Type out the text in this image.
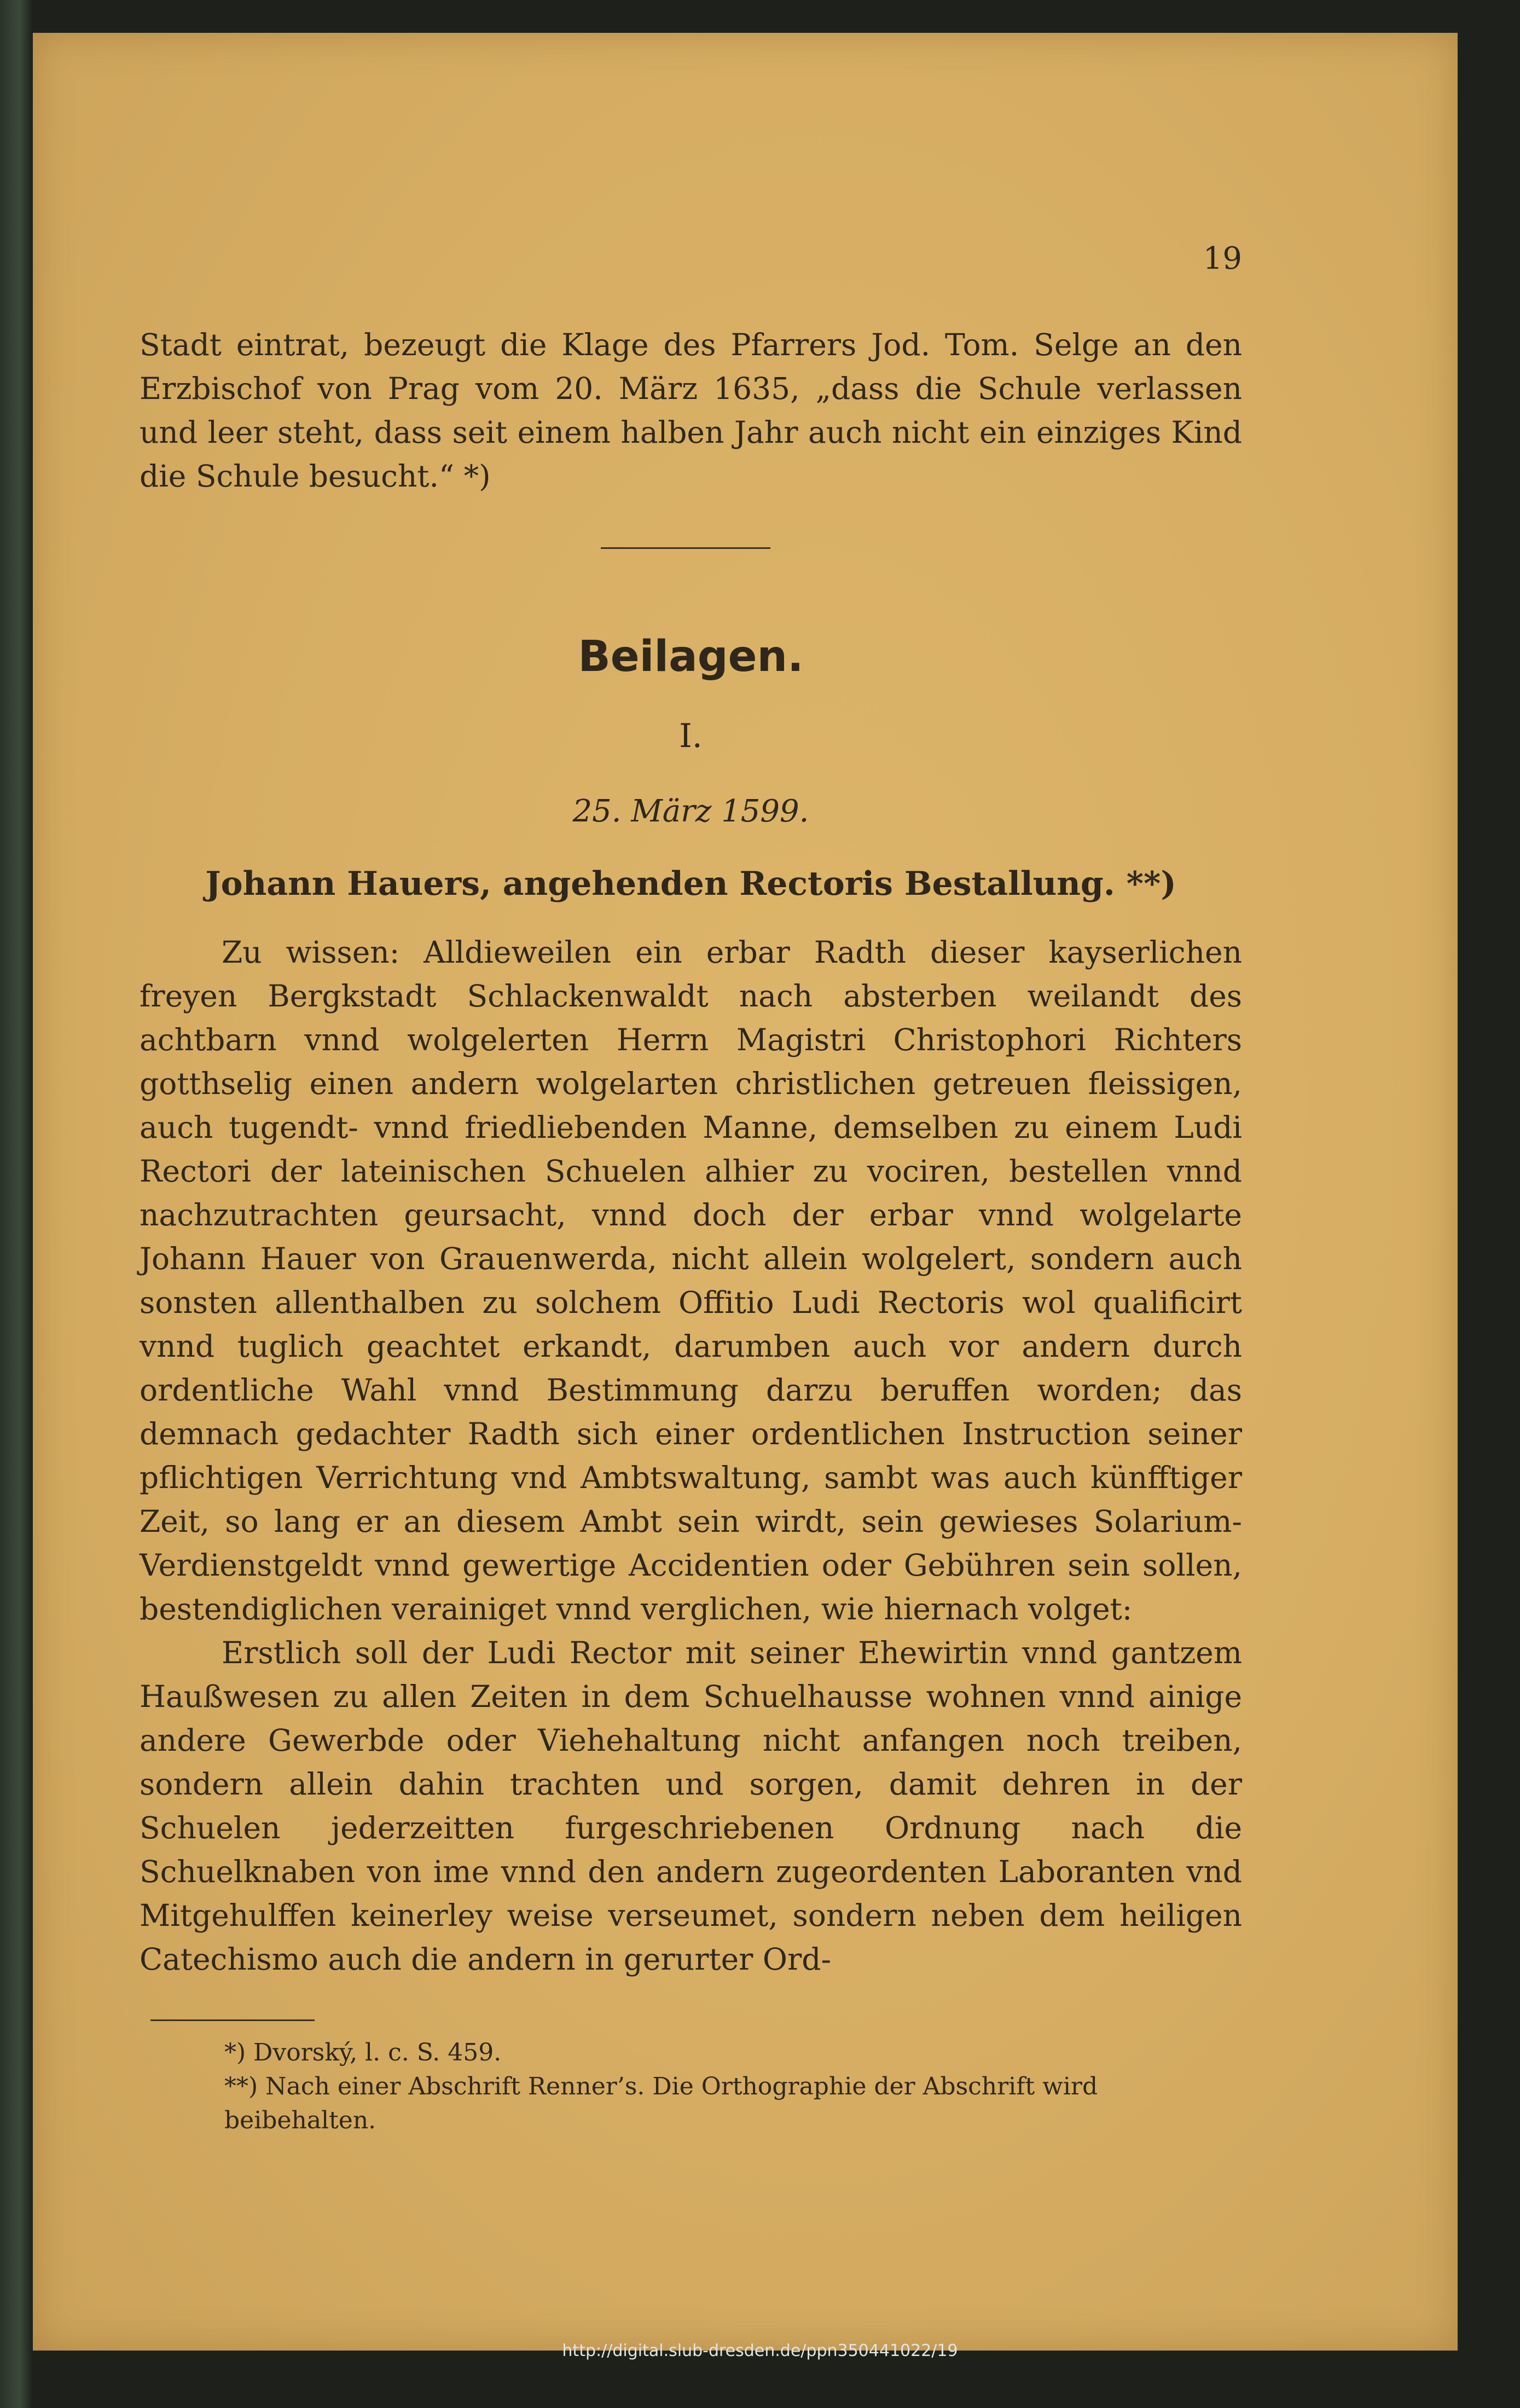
19

Stadt eintrat, bezeugt die Klage des Pfarrers Jod. Tom. Selge an den Erzbischof von Prag vom 20. März 1635, „dass die Schule verlassen und leer steht, dass seit einem halben Jahr auch nicht ein einziges Kind die Schule besucht.“ *)

Beilagen.
I.
25. März 1599.
Johann Hauers, angehenden Rectoris Bestallung. **)

Zu wissen: Alldieweilen ein erbar Radth dieser kayserlichen freyen Bergkstadt Schlackenwaldt nach absterben weilandt des achtbarn vnnd wolgelerten Herrn Magistri Christophori Richters gotthselig einen andern wolgelarten christlichen getreuen fleissigen, auch tugendt- vnnd friedliebenden Manne, demselben zu einem Ludi Rectori der lateinischen Schuelen alhier zu vociren, bestellen vnnd nachzutrachten geursacht, vnnd doch der erbar vnnd wolgelarte Johann Hauer von Grauenwerda, nicht allein wolgelert, sondern auch sonsten allenthalben zu solchem Offitio Ludi Rectoris wol qualificirt vnnd tuglich geachtet erkandt, darumben auch vor andern durch ordentliche Wahl vnnd Bestimmung darzu beruffen worden; das demnach gedachter Radth sich einer ordentlichen Instruction seiner pflichtigen Verrichtung vnd Ambtswaltung, sambt was auch künfftiger Zeit, so lang er an diesem Ambt sein wirdt, sein gewieses Solarium-Verdienstgeldt vnnd gewertige Accidentien oder Gebühren sein sollen, bestendiglichen verainiget vnnd verglichen, wie hiernach volget:

Erstlich soll der Ludi Rector mit seiner Ehewirtin vnnd gantzem Haußwesen zu allen Zeiten in dem Schuelhausse wohnen vnnd ainige andere Gewerbde oder Viehehaltung nicht anfangen noch treiben, sondern allein dahin trachten und sorgen, damit dehren in der Schuelen jederzeitten furgeschriebenen Ordnung nach die Schuelknaben von ime vnnd den andern zugeordenten Laboranten vnd Mitgehulffen keinerley weise verseumet, sondern neben dem heiligen Catechismo auch die andern in gerurter Ord-

*) Dvorský, l. c. S. 459.

**) Nach einer Abschrift Renner’s. Die Orthographie der Abschrift wird beibehalten.

http://digital.slub-dresden.de/ppn350441022/19
